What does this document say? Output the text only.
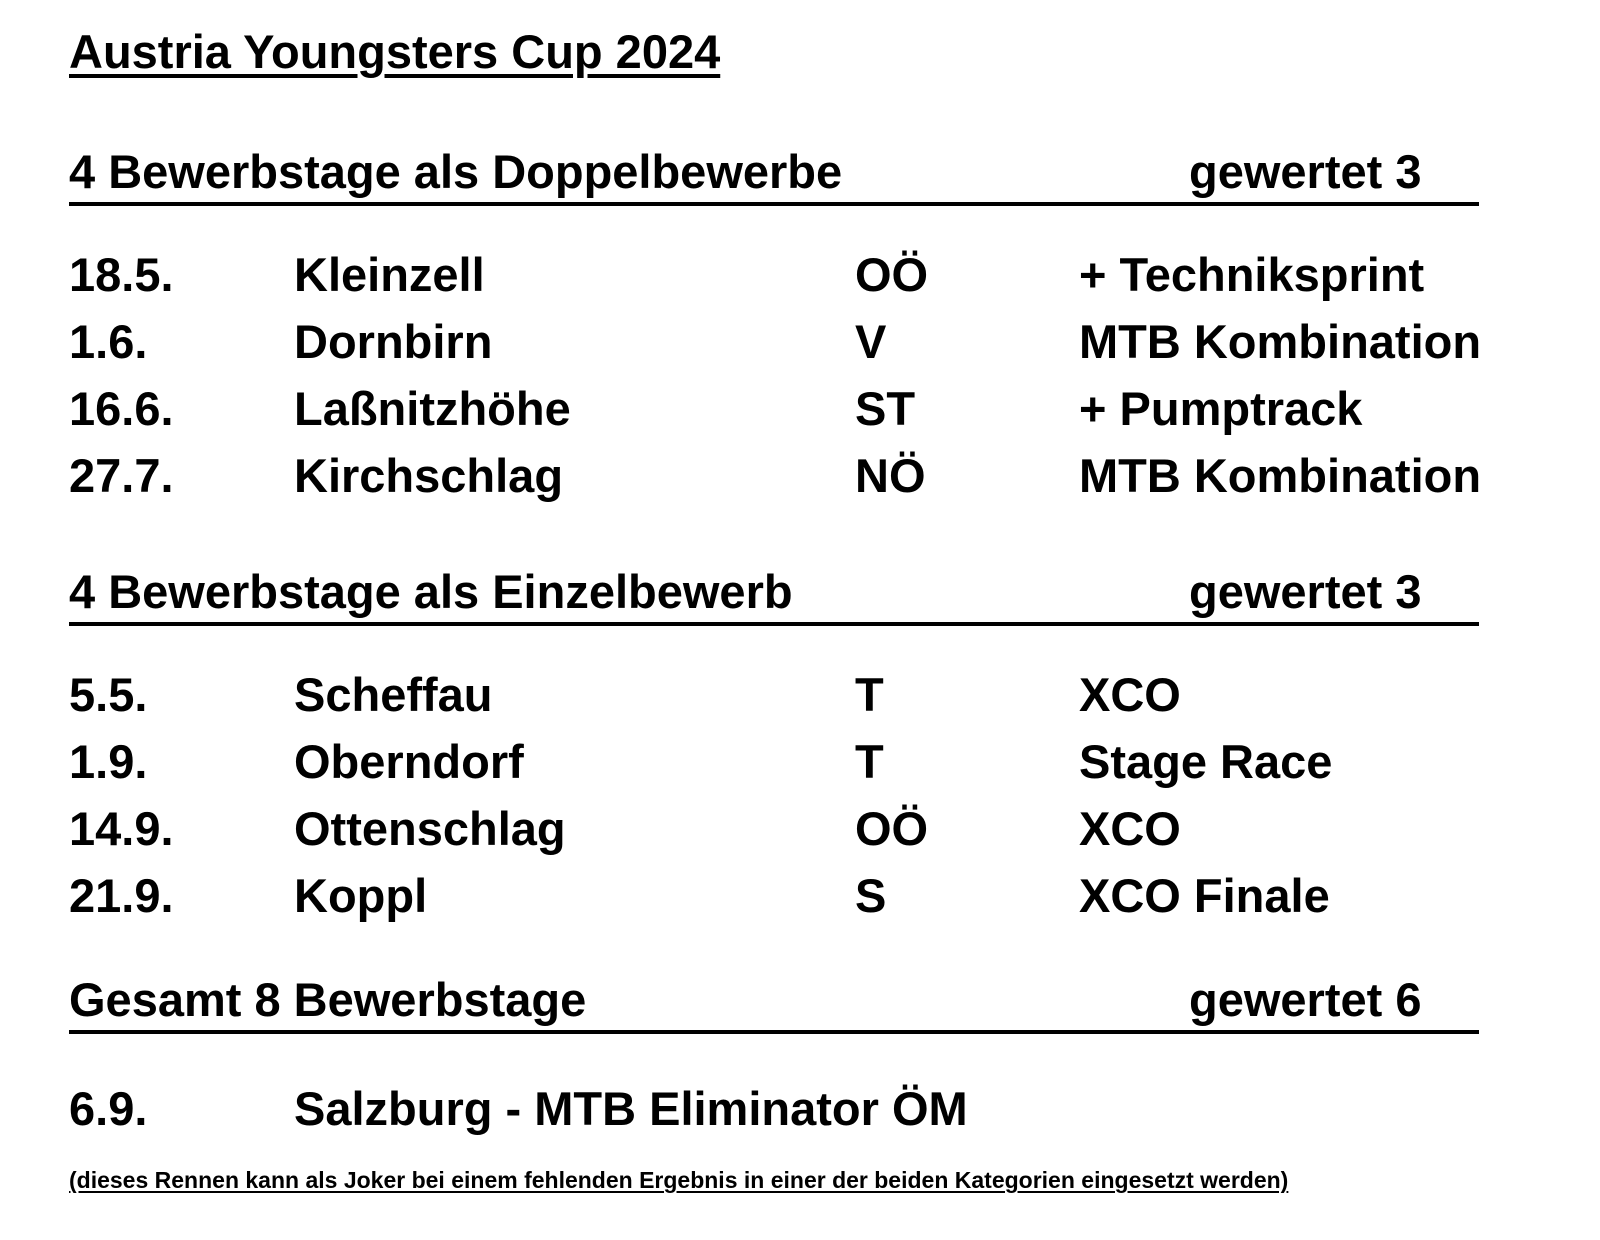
Austria Youngsters Cup 2024
4 Bewerbstage als Doppelbewerbe	gewertet 3
18.5.	Kleinzell	OÖ	+ Techniksprint
1.6.	Dornbirn	V	MTB Kombination
16.6.	Laßnitzhöhe	ST	+ Pumptrack
27.7.	Kirchschlag	NÖ	MTB Kombination
4 Bewerbstage als Einzelbewerb	gewertet 3
5.5.	Scheffau	T	XCO
1.9.	Oberndorf	T	Stage Race
14.9.	Ottenschlag	OÖ	XCO
21.9.	Koppl	S	XCO Finale
Gesamt 8 Bewerbstage	gewertet 6
6.9.	Salzburg - MTB Eliminator ÖM
(dieses Rennen kann als Joker bei einem fehlenden Ergebnis in einer der beiden Kategorien eingesetzt werden)
